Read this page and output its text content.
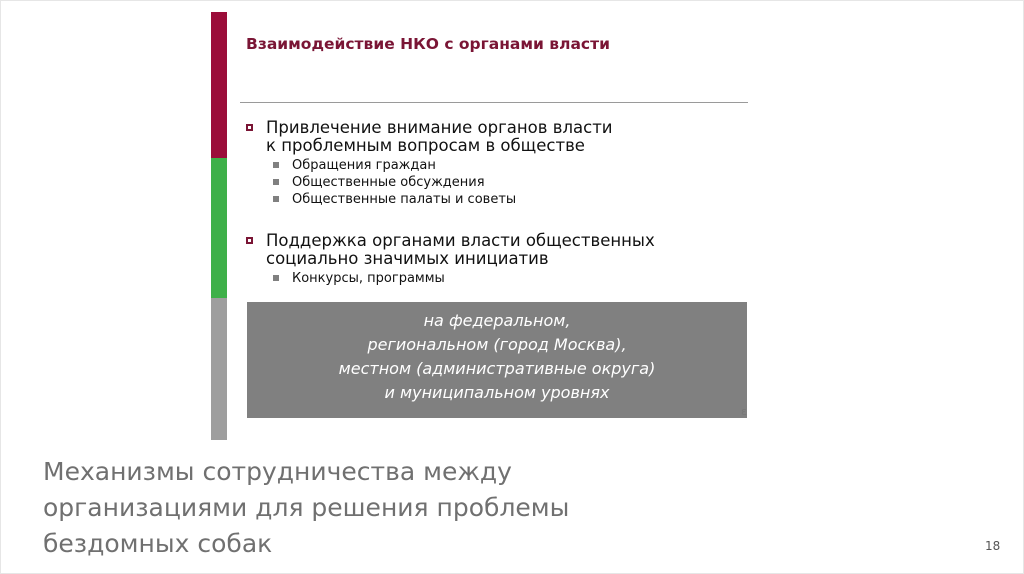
Взаимодействие НКО с органами власти
Привлечение внимание органов власти
к проблемным вопросам в обществе
Обращения граждан
Общественные обсуждения
Общественные палаты и советы
Поддержка органами власти общественных
социально значимых инициатив
Конкурсы, программы
на федеральном,
региональном (город Москва),
местном (административные округа)
и муниципальном уровнях
ε
Механизмы сотрудничества между
организациями для решения проблемы
бездомных собак	18
